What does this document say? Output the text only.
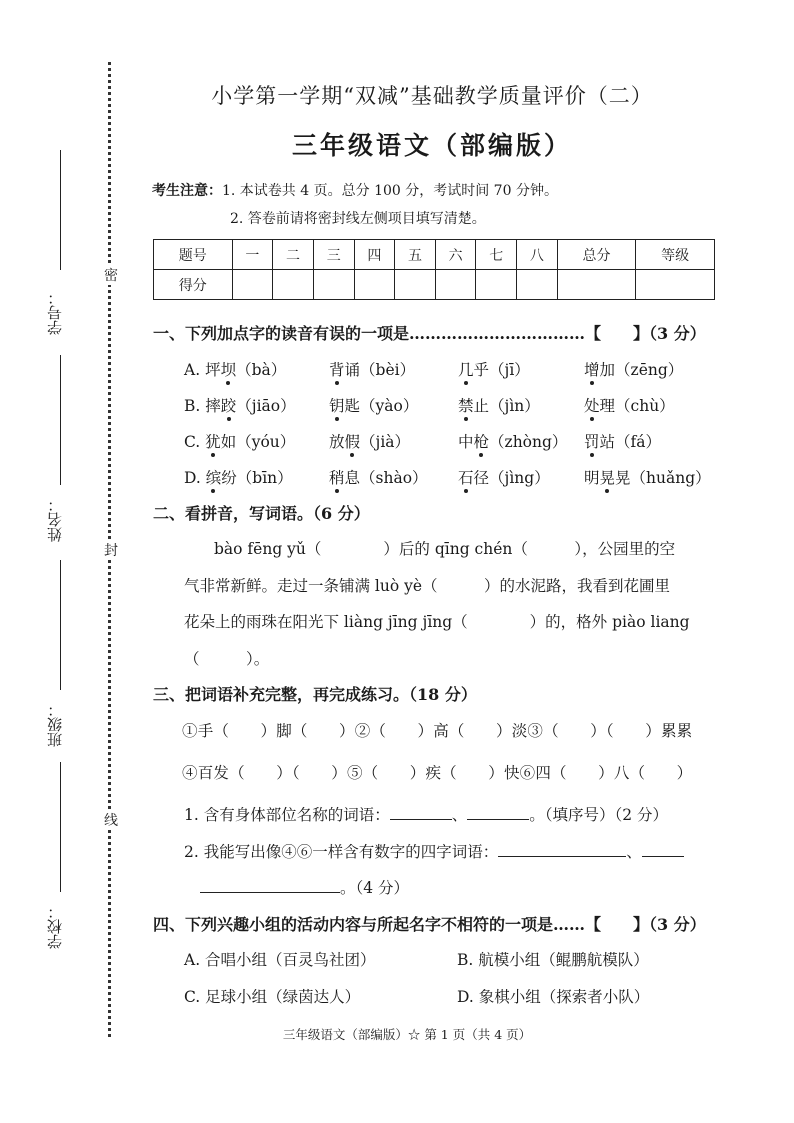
学号：
姓名：
班级：
学校：
密
封
线
小学第一学期“双减”基础教学质量评价（二）
三年级语文（部编版）
考生注意：1. 本试卷共 4 页。总分 100 分，考试时间 70 分钟。
2. 答卷前请将密封线左侧项目填写清楚。
题号	一	二	三	四	五	六	七	八	总分	等级
得分										
一、下列加点字的读音有误的一项是……………………………【　　】（3 分）
A. 坪坝（bà）	背诵（bèi）	几乎（jī）	增加（zēng）
B. 摔跤（jiāo） 钥匙（yào）	禁止（jìn）	处理（chù）
C. 犹如（yóu） 放假（jià）	中枪（zhòng） 罚站（fá）
D. 缤纷（bīn） 稍息（shào） 石径（jìng） 明晃晃（huǎng）
二、看拼音，写词语。（6 分）
bào fēng yǔ（　　　　）后的 qīng chén（　　　），公园里的空
气非常新鲜。走过一条铺满 luò yè（　　　）的水泥路，我看到花圃里
花朵上的雨珠在阳光下 liàng jīng jīng（　　　　）的，格外 piào liang
（　　　）。
三、把词语补充完整，再完成练习。（18 分）
①手（　　）脚（　　）②（　　）高（　　）淡③（　　）（　　）累累
④百发（　　）（　　）⑤（　　）疾（　　）快⑥四（　　）八（　　）
1. 含有身体部位名称的词语：	、	。（填序号）（2 分）
2. 我能写出像④⑥一样含有数字的四字词语：	、
。（4 分）
四、下列兴趣小组的活动内容与所起名字不相符的一项是……【　　】（3 分）
A. 合唱小组（百灵鸟社团）	B. 航模小组（鲲鹏航模队）
C. 足球小组（绿茵达人）	D. 象棋小组（探索者小队）
三年级语文（部编版）☆ 第 1 页（共 4 页）
